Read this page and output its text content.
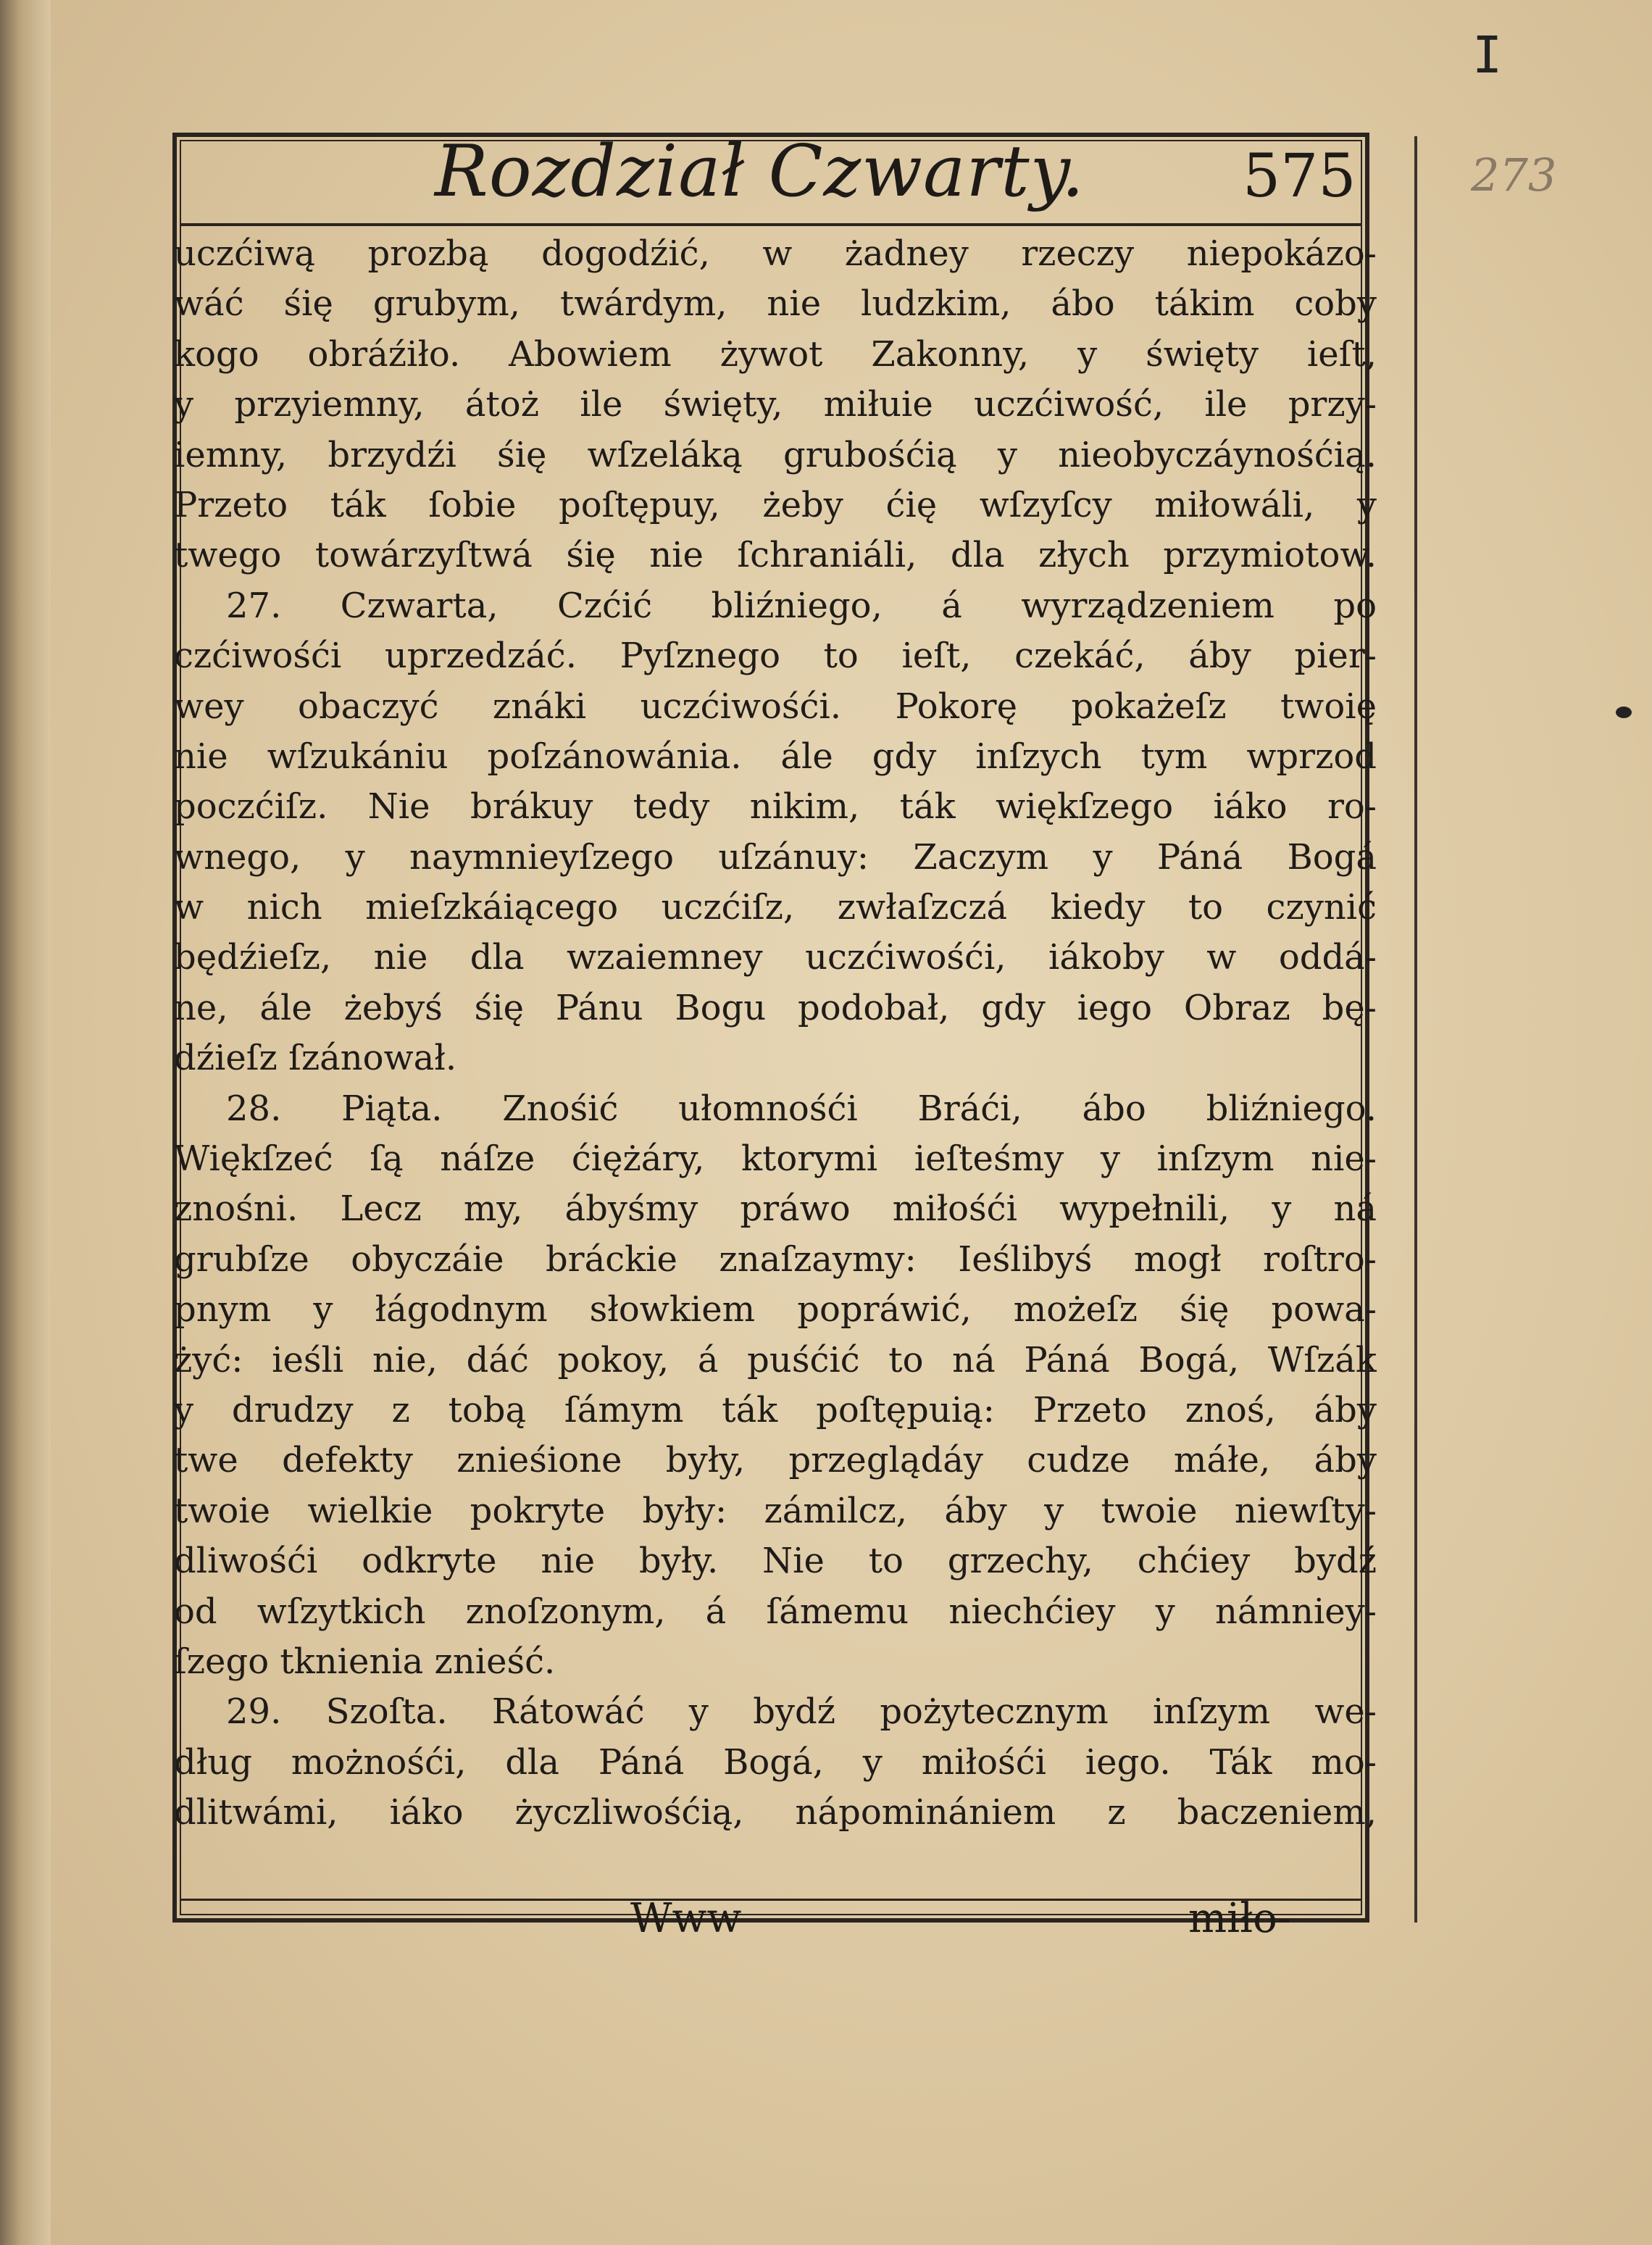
ⵊ
273
Rozdział Czwarty.	575
uczćiwą prozbą dogodźić, w żadney rzeczy niepokázo-
wáć śię grubym, twárdym, nie ludzkim, ábo tákim coby
kogo obráźiło. Abowiem żywot Zakonny, y święty ieſt,
y przyiemny, átoż ile święty, miłuie uczćiwość, ile przy-
iemny, brzydźi śię wſzeláką grubośćią y nieobyczáynośćią.
Przeto ták ſobie poſtępuy, żeby ćię wſzyſcy miłowáli, y
twego towárzyſtwá śię nie ſchraniáli, dla złych przymiotow.
27. Czwarta, Czćić bliźniego, á wyrządzeniem po
czćiwośći uprzedzáć. Pyſznego to ieſt, czekáć, áby pier-
wey obaczyć znáki uczćiwośći. Pokorę pokażeſz twoię
nie wſzukániu poſzánowánia. ále gdy inſzych tym wprzod
poczćiſz. Nie brákuy tedy nikim, ták więkſzego iáko ro-
wnego, y naymnieyſzego uſzánuy: Zaczym y Páná Bogá
w nich mieſzkáiącego uczćiſz, zwłaſzczá kiedy to czynić
będźieſz, nie dla wzaiemney uczćiwośći, iákoby w oddá-
ne, ále żebyś śię Pánu Bogu podobał, gdy iego Obraz bę-
dźieſz ſzánował.
28. Piąta. Znośić ułomnośći Bráći, ábo bliźniego.
Więkſzeć ſą náſze ćiężáry, ktorymi ieſteśmy y inſzym nie-
znośni. Lecz my, ábyśmy práwo miłośći wypełnili, y ná
grubſze obyczáie bráckie znaſzaymy: Ieślibyś mogł roſtro-
pnym y łágodnym słowkiem popráwić, możeſz śię powa-
żyć: ieśli nie, dáć pokoy, á puśćić to ná Páná Bogá, Wſzák
y drudzy z tobą ſámym ták poſtępuią: Przeto znoś, áby
twe defekty znieśione były, przeglądáy cudze máłe, áby
twoie wielkie pokryte były: zámilcz, áby y twoie niewſty-
dliwośći odkryte nie były. Nie to grzechy, chćiey bydź
od wſzytkich znoſzonym, á ſámemu niechćiey y námniey-
ſzego tknienia znieść.
29. Szoſta. Rátowáć y bydź pożytecznym inſzym we-
dług możnośći, dla Páná Bogá, y miłośći iego. Ták mo-
dlitwámi, iáko życzliwośćią, nápominániem z baczeniem,
Www	miło-
